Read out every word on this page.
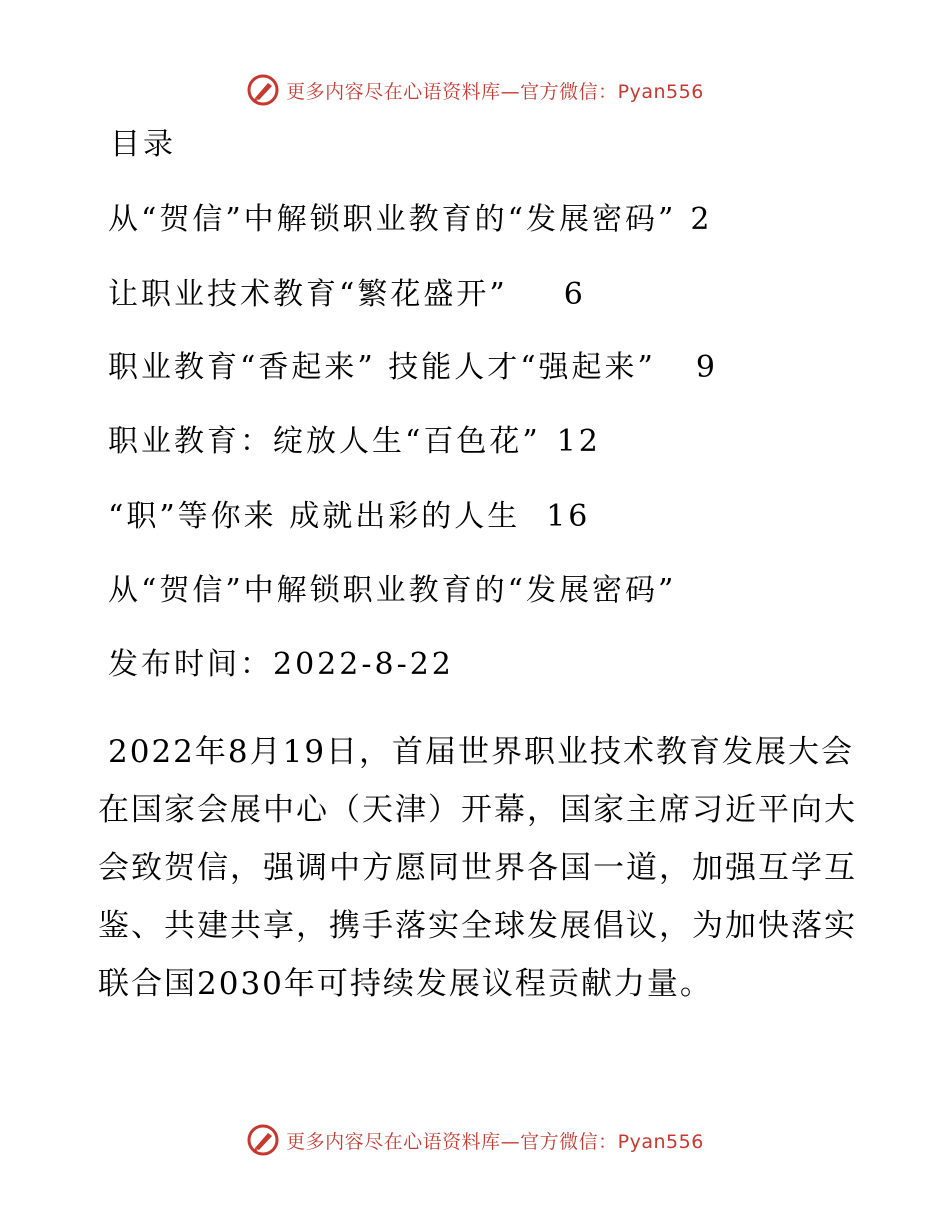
更多内容尽在心语资料库—官方微信：Pyan556
目录
从“贺信”中解锁职业教育的“发展密码” 2
让职业技术教育“繁花盛开” 6
职业教育“香起来” 技能人才“强起来” 9
职业教育：绽放人生“百色花” 12
“职”等你来 成就出彩的人生 16
从“贺信”中解锁职业教育的“发展密码”
发布时间：2022-8-22
2022年8月19日，首届世界职业技术教育发展大会在国家会展中心（天津）开幕，国家主席习近平向大会致贺信，强调中方愿同世界各国一道，加强互学互鉴、共建共享，携手落实全球发展倡议，为加快落实联合国2030年可持续发展议程贡献力量。
更多内容尽在心语资料库—官方微信：Pyan556
